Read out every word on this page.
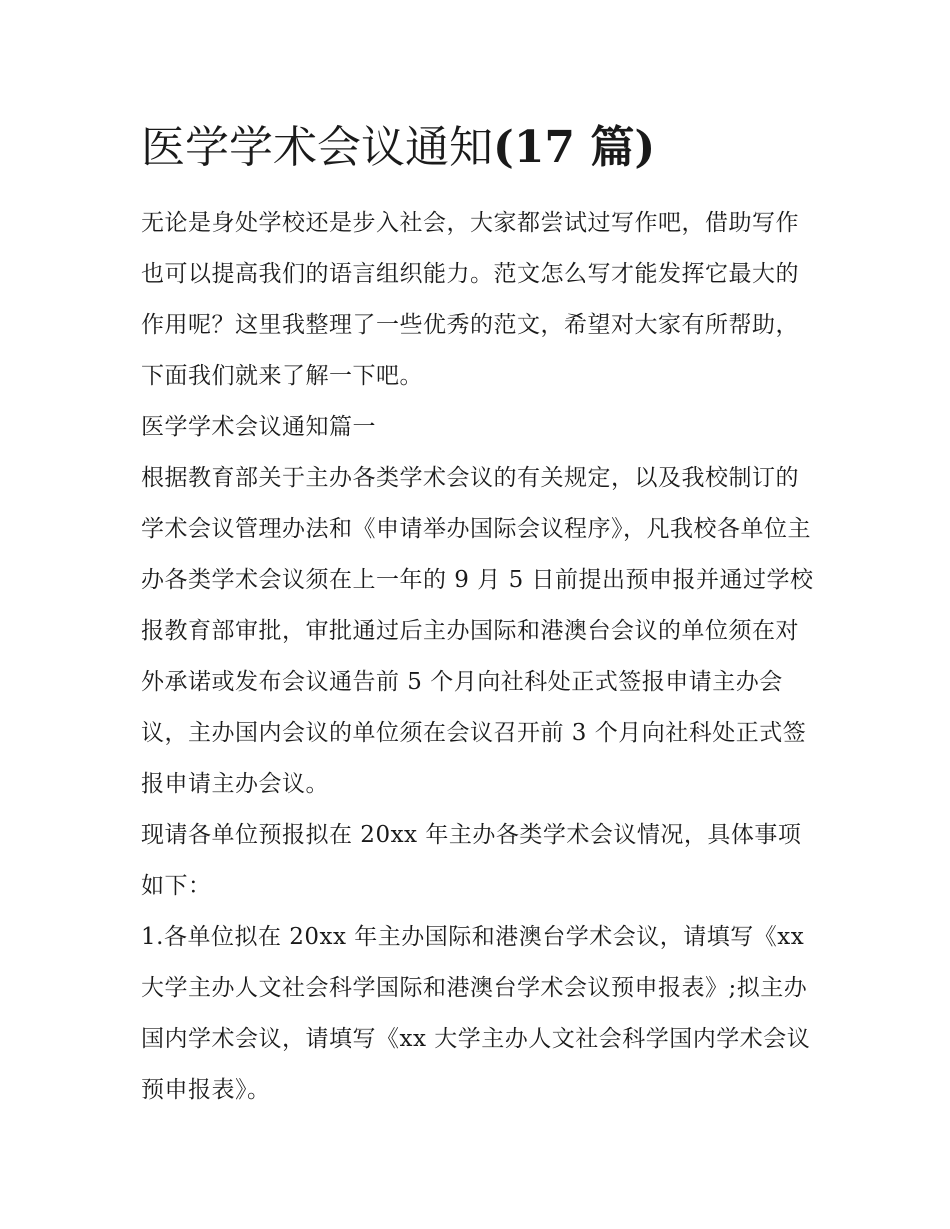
医学学术会议通知(17 篇)

无论是身处学校还是步入社会，大家都尝试过写作吧，借助写作也可以提高我们的语言组织能力。范文怎么写才能发挥它最大的作用呢？这里我整理了一些优秀的范文，希望对大家有所帮助，下面我们就来了解一下吧。

医学学术会议通知篇一

根据教育部关于主办各类学术会议的有关规定，以及我校制订的学术会议管理办法和《申请举办国际会议程序》，凡我校各单位主办各类学术会议须在上一年的 9 月 5 日前提出预申报并通过学校报教育部审批，审批通过后主办国际和港澳台会议的单位须在对外承诺或发布会议通告前 5 个月向社科处正式签报申请主办会议，主办国内会议的单位须在会议召开前 3 个月向社科处正式签报申请主办会议。

现请各单位预报拟在 20xx 年主办各类学术会议情况，具体事项如下：

1.各单位拟在 20xx 年主办国际和港澳台学术会议，请填写《xx 大学主办人文社会科学国际和港澳台学术会议预申报表》;拟主办国内学术会议，请填写《xx 大学主办人文社会科学国内学术会议预申报表》。
